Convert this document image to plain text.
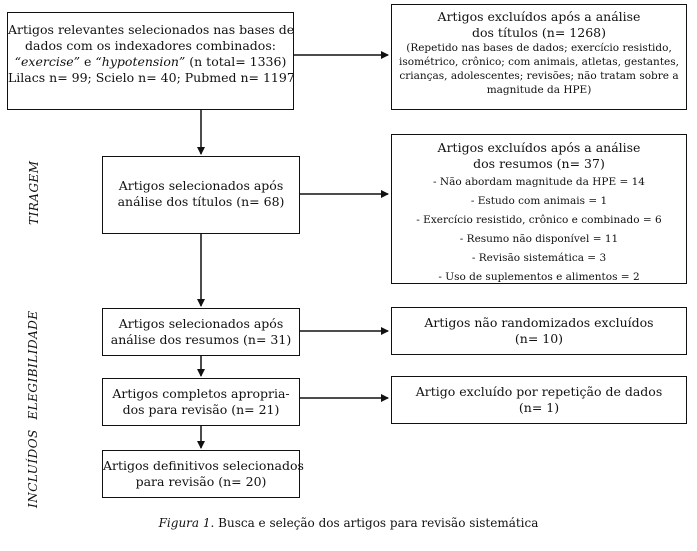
TIRAGEM
ELEGIBILIDADE
INCLUÍDOS
Artigos relevantes selecionados nas bases de
dados com os indexadores combinados:
“exercise” e “hypotension” (n total= 1336)
Lilacs n= 99; Scielo n= 40; Pubmed n= 1197
Artigos excluídos após a análise
dos títulos (n= 1268)
(Repetido nas bases de dados; exercício resistido,
isométrico, crônico; com animais, atletas, gestantes,
crianças, adolescentes; revisões; não tratam sobre a
magnitude da HPE)
Artigos selecionados após
análise dos títulos (n= 68)
Artigos excluídos após a análise
dos resumos (n= 37)
- Não abordam magnitude da HPE = 14
- Estudo com animais = 1
- Exercício resistido, crônico e combinado = 6
- Resumo não disponível = 11
- Revisão sistemática = 3
- Uso de suplementos e alimentos = 2
Artigos selecionados após
análise dos resumos (n= 31)
Artigos não randomizados excluídos
(n= 10)
Artigos completos apropria-
dos para revisão (n= 21)
Artigo excluído por repetição de dados
(n= 1)
Artigos definitivos selecionados
para revisão (n= 20)
Figura 1. Busca e seleção dos artigos para revisão sistemática
